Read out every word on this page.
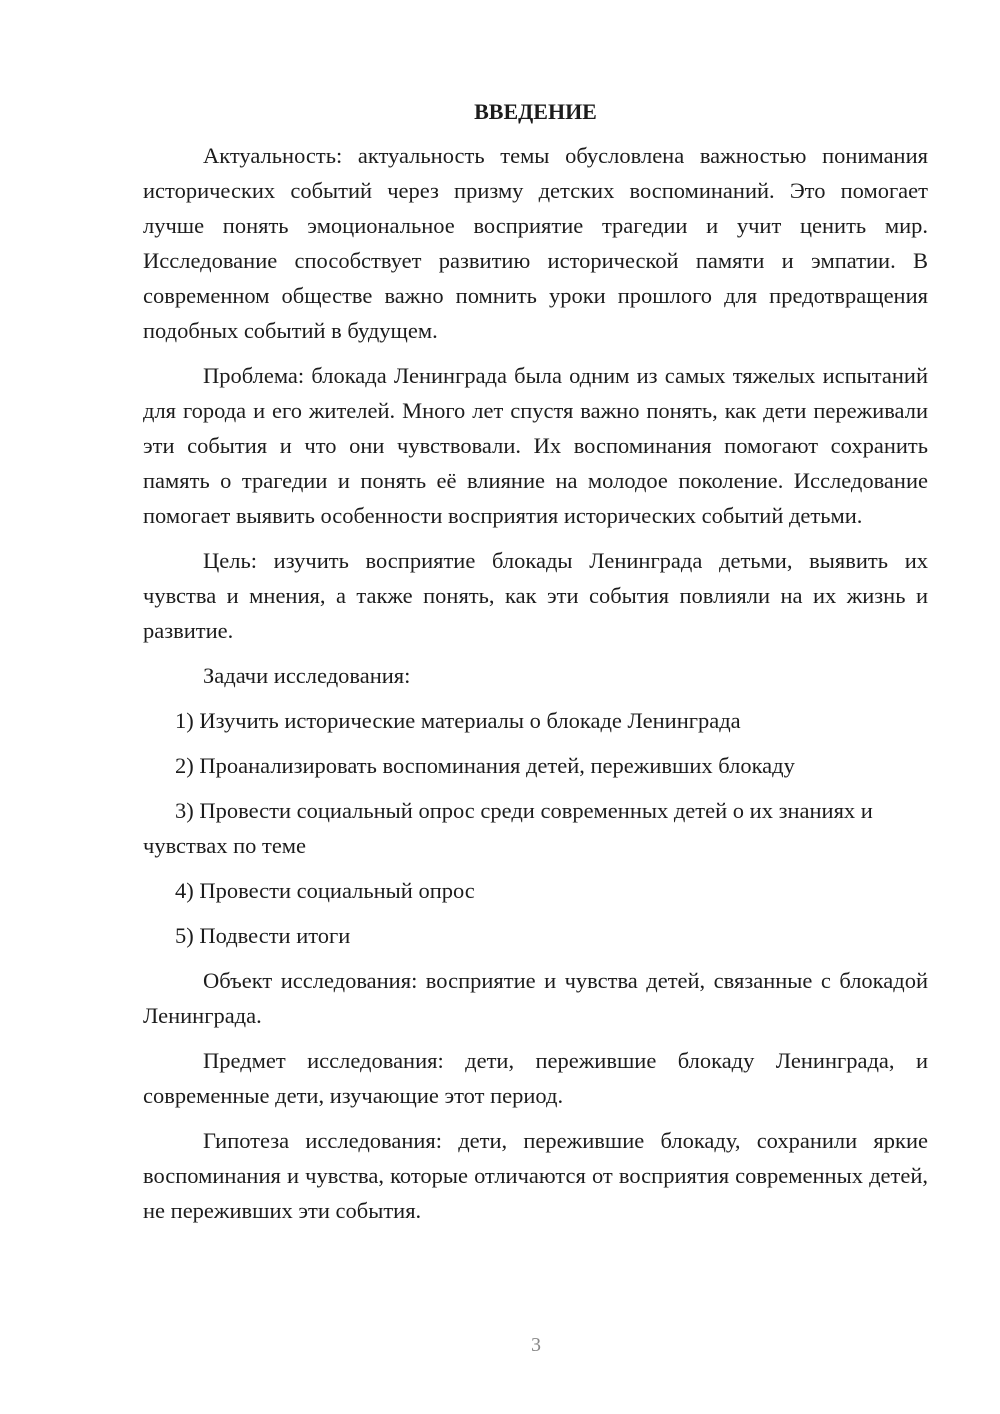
ВВЕДЕНИЕ

Актуальность: актуальность темы обусловлена важностью понимания исторических событий через призму детских воспоминаний. Это помогает лучше понять эмоциональное восприятие трагедии и учит ценить мир. Исследование способствует развитию исторической памяти и эмпатии. В современном обществе важно помнить уроки прошлого для предотвращения подобных событий в будущем.

Проблема: блокада Ленинграда была одним из самых тяжелых испытаний для города и его жителей. Много лет спустя важно понять, как дети переживали эти события и что они чувствовали. Их воспоминания помогают сохранить память о трагедии и понять её влияние на молодое поколение. Исследование помогает выявить особенности восприятия исторических событий детьми.

Цель: изучить восприятие блокады Ленинграда детьми, выявить их чувства и мнения, а также понять, как эти события повлияли на их жизнь и развитие.

Задачи исследования:

1) Изучить исторические материалы о блокаде Ленинграда

2) Проанализировать воспоминания детей, переживших блокаду

3) Провести социальный опрос среди современных детей о их знаниях и чувствах по теме

4) Провести социальный опрос

5) Подвести итоги

Объект исследования: восприятие и чувства детей, связанные с блокадой Ленинграда.

Предмет исследования: дети, пережившие блокаду Ленинграда, и современные дети, изучающие этот период.

Гипотеза исследования: дети, пережившие блокаду, сохранили яркие воспоминания и чувства, которые отличаются от восприятия современных детей, не переживших эти события.

3
